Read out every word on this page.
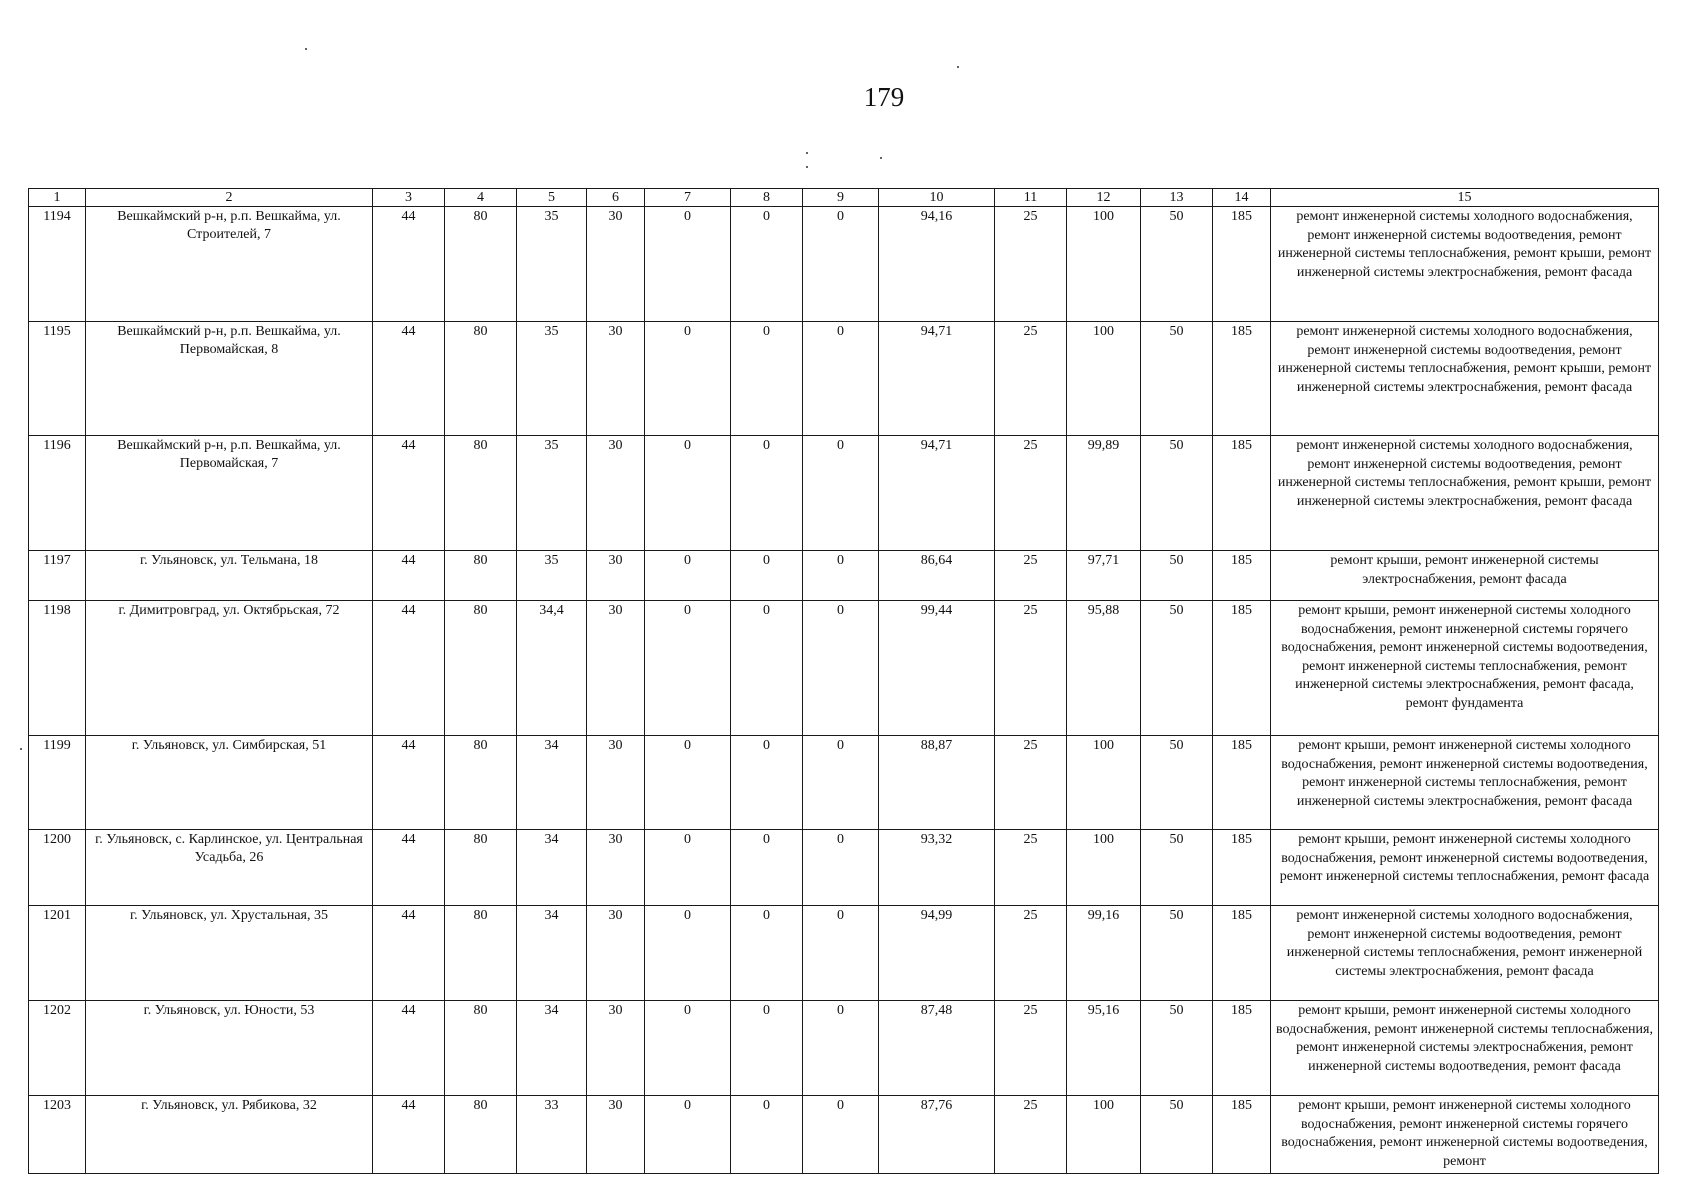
179
1	2	3	4	5	6	7	8	9	10	11	12	13	14	15
1194	Вешкаймский р-н, р.п. Вешкайма, ул. Строителей, 7	44	80	35	30	0	0	0	94,16	25	100	50	185	ремонт инженерной системы холодного водоснабжения, ремонт инженерной системы водоотведения, ремонт инженерной системы теплоснабжения, ремонт крыши, ремонт инженерной системы электроснабжения, ремонт фасада
1195	Вешкаймский р-н, р.п. Вешкайма, ул. Первомайская, 8	44	80	35	30	0	0	0	94,71	25	100	50	185	ремонт инженерной системы холодного водоснабжения, ремонт инженерной системы водоотведения, ремонт инженерной системы теплоснабжения, ремонт крыши, ремонт инженерной системы электроснабжения, ремонт фасада
1196	Вешкаймский р-н, р.п. Вешкайма, ул. Первомайская, 7	44	80	35	30	0	0	0	94,71	25	99,89	50	185	ремонт инженерной системы холодного водоснабжения, ремонт инженерной системы водоотведения, ремонт инженерной системы теплоснабжения, ремонт крыши, ремонт инженерной системы электроснабжения, ремонт фасада
1197	г. Ульяновск, ул. Тельмана, 18	44	80	35	30	0	0	0	86,64	25	97,71	50	185	ремонт крыши, ремонт инженерной системы электроснабжения, ремонт фасада
1198	г. Димитровград, ул. Октябрьская, 72	44	80	34,4	30	0	0	0	99,44	25	95,88	50	185	ремонт крыши, ремонт инженерной системы холодного водоснабжения, ремонт инженерной системы горячего водоснабжения, ремонт инженерной системы водоотведения, ремонт инженерной системы теплоснабжения, ремонт инженерной системы электроснабжения, ремонт фасада, ремонт фундамента
1199	г. Ульяновск, ул. Симбирская, 51	44	80	34	30	0	0	0	88,87	25	100	50	185	ремонт крыши, ремонт инженерной системы холодного водоснабжения, ремонт инженерной системы водоотведения, ремонт инженерной системы теплоснабжения, ремонт инженерной системы электроснабжения, ремонт фасада
1200	г. Ульяновск, с. Карлинское, ул. Центральная Усадьба, 26	44	80	34	30	0	0	0	93,32	25	100	50	185	ремонт крыши, ремонт инженерной системы холодного водоснабжения, ремонт инженерной системы водоотведения, ремонт инженерной системы теплоснабжения, ремонт фасада
1201	г. Ульяновск, ул. Хрустальная, 35	44	80	34	30	0	0	0	94,99	25	99,16	50	185	ремонт инженерной системы холодного водоснабжения, ремонт инженерной системы водоотведения, ремонт инженерной системы теплоснабжения, ремонт инженерной системы электроснабжения, ремонт фасада
1202	г. Ульяновск, ул. Юности, 53	44	80	34	30	0	0	0	87,48	25	95,16	50	185	ремонт крыши, ремонт инженерной системы холодного водоснабжения, ремонт инженерной системы теплоснабжения, ремонт инженерной системы электроснабжения, ремонт инженерной системы водоотведения, ремонт фасада
1203	г. Ульяновск, ул. Рябикова, 32	44	80	33	30	0	0	0	87,76	25	100	50	185	ремонт крыши, ремонт инженерной системы холодного водоснабжения, ремонт инженерной системы горячего водоснабжения, ремонт инженерной системы водоотведения, ремонт
